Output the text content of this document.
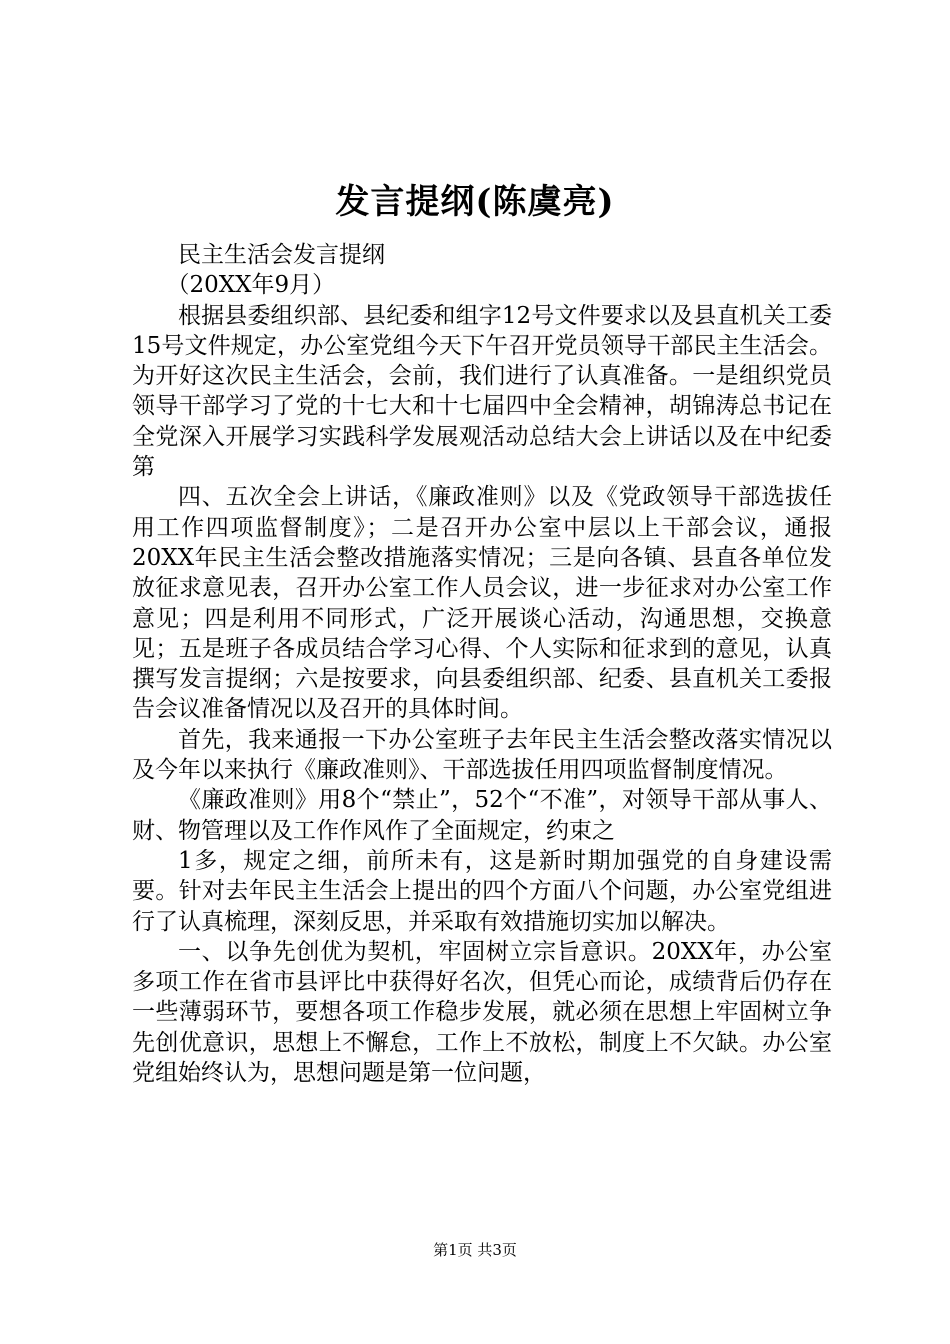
发言提纲(陈虞亮)

民主生活会发言提纲

（20XX年9月）

根据县委组织部、县纪委和组字12号文件要求以及县直机关工委15号文件规定，办公室党组今天下午召开党员领导干部民主生活会。为开好这次民主生活会，会前，我们进行了认真准备。一是组织党员领导干部学习了党的十七大和十七届四中全会精神，胡锦涛总书记在全党深入开展学习实践科学发展观活动总结大会上讲话以及在中纪委第

四、五次全会上讲话，《廉政准则》以及《党政领导干部选拔任用工作四项监督制度》；二是召开办公室中层以上干部会议，通报20XX年民主生活会整改措施落实情况；三是向各镇、县直各单位发放征求意见表，召开办公室工作人员会议，进一步征求对办公室工作意见；四是利用不同形式，广泛开展谈心活动，沟通思想，交换意见；五是班子各成员结合学习心得、个人实际和征求到的意见，认真撰写发言提纲；六是按要求，向县委组织部、纪委、县直机关工委报告会议准备情况以及召开的具体时间。

首先，我来通报一下办公室班子去年民主生活会整改落实情况以及今年以来执行《廉政准则》、干部选拔任用四项监督制度情况。

《廉政准则》用8个“禁止”，52个“不准”，对领导干部从事人、财、物管理以及工作作风作了全面规定，约束之

1多，规定之细，前所未有，这是新时期加强党的自身建设需要。针对去年民主生活会上提出的四个方面八个问题，办公室党组进行了认真梳理，深刻反思，并采取有效措施切实加以解决。

一、以争先创优为契机，牢固树立宗旨意识。20XX年，办公室多项工作在省市县评比中获得好名次，但凭心而论，成绩背后仍存在一些薄弱环节，要想各项工作稳步发展，就必须在思想上牢固树立争先创优意识，思想上不懈怠，工作上不放松，制度上不欠缺。办公室党组始终认为，思想问题是第一位问题，

第1页 共3页
